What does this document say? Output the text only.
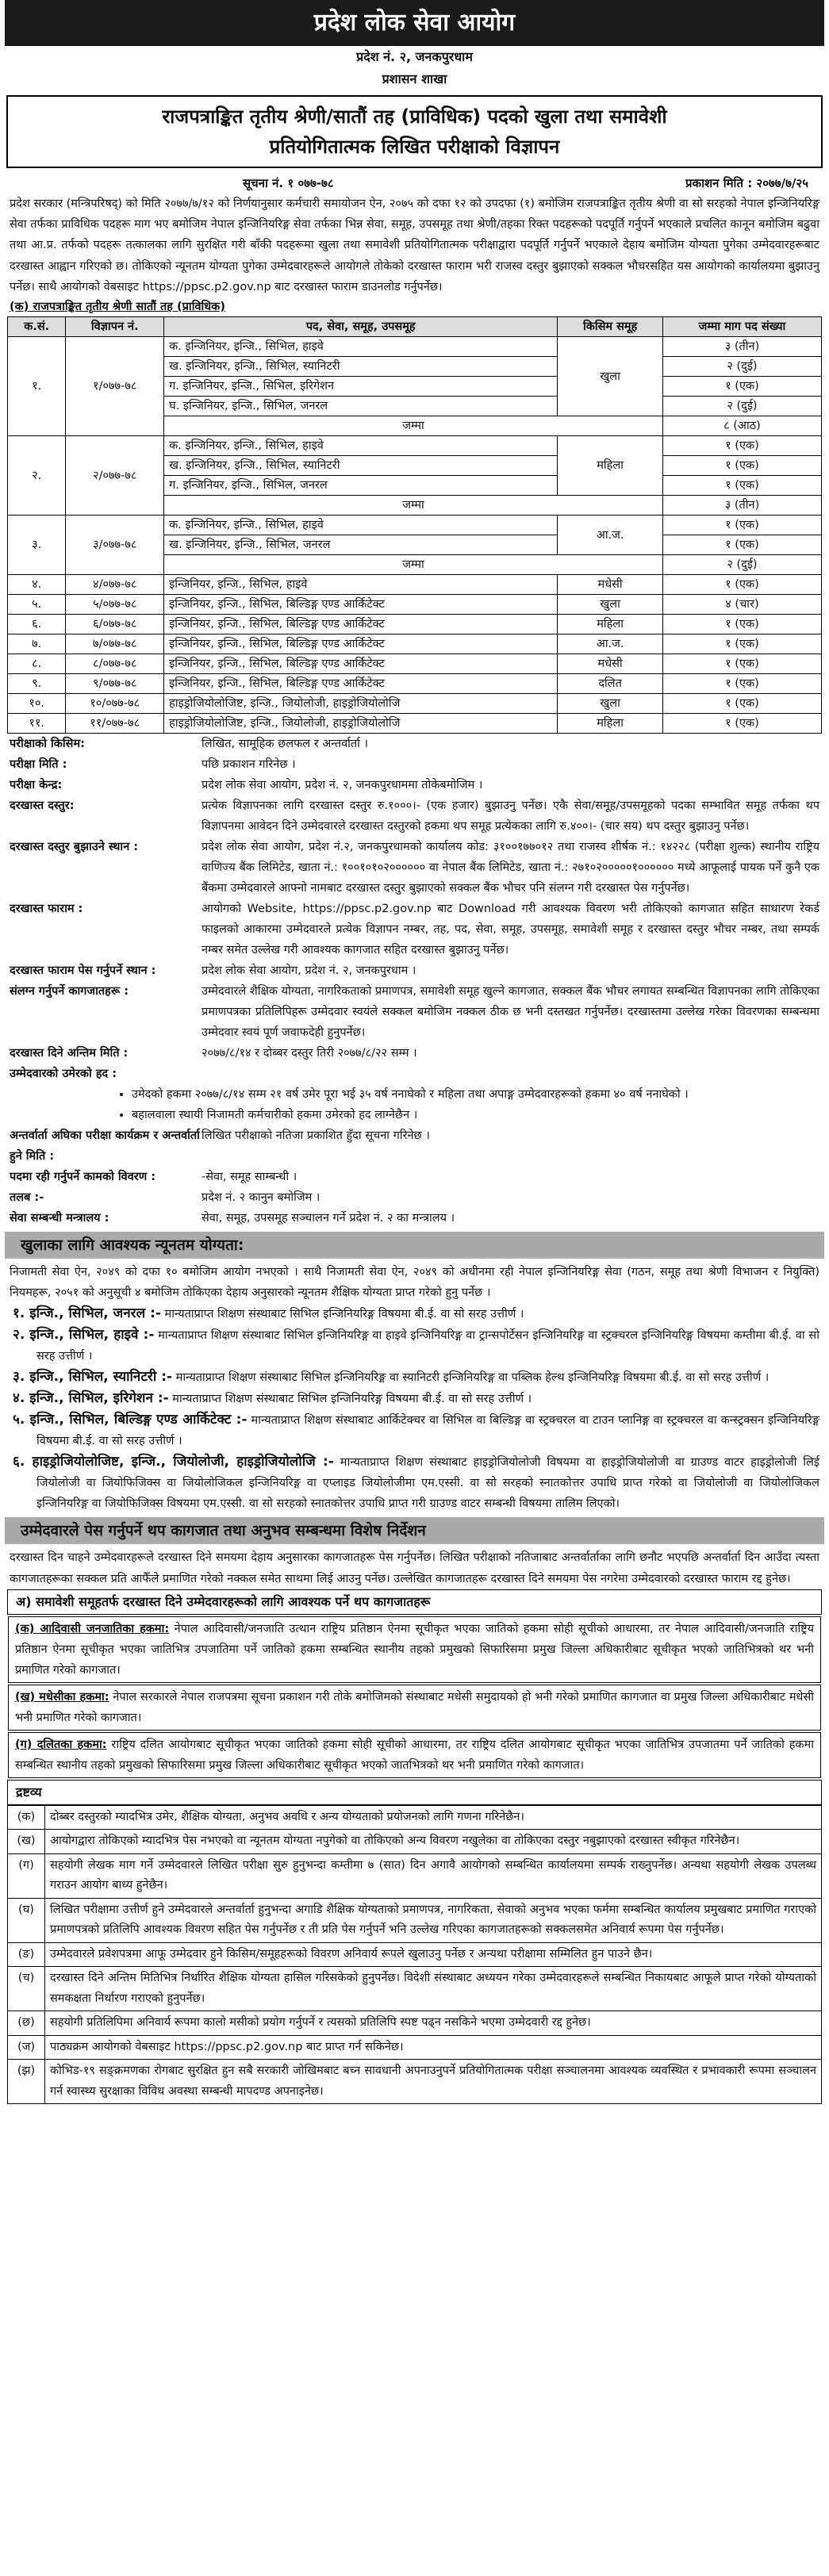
प्रदेश लोक सेवा आयोग
प्रदेश नं. २, जनकपुरधाम
प्रशासन शाखा
राजपत्राङ्कित तृतीय श्रेणी/सातौं तह (प्राविधिक) पदको खुला तथा समावेशी
प्रतियोगितात्मक लिखित परीक्षाको विज्ञापन
सूचना नं. १ ०७७-७८	प्रकाशन मिति : २०७७/७/२५

प्रदेश सरकार (मन्त्रिपरिषद्) को मिति २०७७/७/१२ को निर्णयानुसार कर्मचारी समायोजन ऐन, २०७५ को दफा १२ को उपदफा (१) बमोजिम राजपत्राङ्कित तृतीय श्रेणी वा सो सरहको नेपाल इन्जिनियरिङ्ग सेवा तर्फका प्राविधिक पदहरू माग भए बमोजिम नेपाल इन्जिनियरिङ्ग सेवा तर्फका भिन्न सेवा, समूह, उपसमूह तथा श्रेणी/तहका रिक्त पदहरूको पदपूर्ति गर्नुपर्ने भएकाले प्रचलित कानून बमोजिम बढुवा तथा आ.प्र. तर्फको पदहरू तत्कालका लागि सुरक्षित गरी बाँकी पदहरूमा खुला तथा समावेशी प्रतियोगितात्मक परीक्षाद्वारा पदपूर्ति गर्नुपर्ने भएकाले देहाय बमोजिम योग्यता पुगेका उम्मेदवारहरूबाट दरखास्त आह्वान गरिएको छ। तोकिएको न्यूनतम योग्यता पुगेका उम्मेदवारहरूले आयोगले तोकेको दरखास्त फाराम भरी राजस्व दस्तुर बुझाएको सक्कल भौचरसहित यस आयोगको कार्यालयमा बुझाउनु पर्नेछ। साथै आयोगको वेबसाइट https://ppsc.p2.gov.np बाट दरखास्त फाराम डाउनलोड गर्नुपर्नेछ।

(क) राजपत्राङ्कित तृतीय श्रेणी सातौं तह (प्राविधिक)
क.सं.	विज्ञापन नं.	पद, सेवा, समूह, उपसमूह	किसिम समूह	जम्मा माग पद संख्या
१.	१/०७७-७८	क. इन्जिनियर, इन्जि., सिभिल, हाइवे	खुला	३ (तीन)
		ख. इन्जिनियर, इन्जि., सिभिल, स्यानिटरी		२ (दुई)
		ग. इन्जिनियर, इन्जि., सिभिल, इरिगेशन		१ (एक)
		घ. इन्जिनियर, इन्जि., सिभिल, जनरल		२ (दुई)
		जम्मा		८ (आठ)
२.	२/०७७-७८	क. इन्जिनियर, इन्जि., सिभिल, हाइवे	महिला	१ (एक)
		ख. इन्जिनियर, इन्जि., सिभिल, स्यानिटरी		१ (एक)
		ग. इन्जिनियर, इन्जि., सिभिल, जनरल		१ (एक)
		जम्मा		३ (तीन)
३.	३/०७७-७८	क. इन्जिनियर, इन्जि., सिभिल, हाइवे	आ.ज.	१ (एक)
		ख. इन्जिनियर, इन्जि., सिभिल, जनरल		१ (एक)
		जम्मा		२ (दुई)
४.	४/०७७-७८	इन्जिनियर, इन्जि., सिभिल, हाइवे	मधेसी	१ (एक)
५.	५/०७७-७८	इन्जिनियर, इन्जि., सिभिल, बिल्डिङ्ग एण्ड आर्किटेक्ट	खुला	४ (चार)
६.	६/०७७-७८	इन्जिनियर, इन्जि., सिभिल, बिल्डिङ्ग एण्ड आर्किटेक्ट	महिला	१ (एक)
७.	७/०७७-७८	इन्जिनियर, इन्जि., सिभिल, बिल्डिङ्ग एण्ड आर्किटेक्ट	आ.ज.	१ (एक)
८.	८/०७७-७८	इन्जिनियर, इन्जि., सिभिल, बिल्डिङ्ग एण्ड आर्किटेक्ट	मधेसी	१ (एक)
९.	९/०७७-७८	इन्जिनियर, इन्जि., सिभिल, बिल्डिङ्ग एण्ड आर्किटेक्ट	दलित	१ (एक)
१०.	१०/०७७-७८	हाइड्रोजियोलोजिष्ट, इन्जि., जियोलोजी, हाइड्रोजियोलोजि	खुला	१ (एक)
११.	११/०७७-७८	हाइड्रोजियोलोजिष्ट, इन्जि., जियोलोजी, हाइड्रोजियोलोजि	महिला	१ (एक)
परीक्षाको किसिम:	लिखित, सामूहिक छलफल र अन्तर्वार्ता ।
परीक्षा मिति :	पछि प्रकाशन गरिनेछ ।
परीक्षा केन्द्र:	प्रदेश लोक सेवा आयोग, प्रदेश नं. २, जनकपुरधाममा तोकेबमोजिम ।
दरखास्त दस्तुर:	प्रत्येक विज्ञापनका लागि दरखास्त दस्तुर रु.१०००।- (एक हजार) बुझाउनु पर्नेछ। एकै सेवा/समूह/उपसमूहको पदका सम्भावित समूह तर्फका थप विज्ञापनमा आवेदन दिने उम्मेदवारले दरखास्त दस्तुरको हकमा थप समूह प्रत्येकका लागि रु.४००।- (चार सय) थप दस्तुर बुझाउनु पर्नेछ।
दरखास्त दस्तुर बुझाउने स्थान :	प्रदेश लोक सेवा आयोग, प्रदेश नं.२, जनकपुरधामको कार्यालय कोड: ३१००१७७०१२ तथा राजस्व शीर्षक नं.: १४२२८ (परीक्षा शुल्क) स्थानीय राष्ट्रिय वाणिज्य बैंक लिमिटेड, खाता नं.: १००१०१०२०००००० वा नेपाल बैंक लिमिटेड, खाता नं.: २७१०२०००००१०००००० मध्ये आफूलाई पायक पर्ने कुनै एक बैंकमा उम्मेदवारले आफ्नो नामबाट दरखास्त दस्तुर बुझाएको सक्कल बैंक भौचर पनि संलग्न गरी दरखास्त पेस गर्नुपर्नेछ।
दरखास्त फाराम :	आयोगको Website, https://ppsc.p2.gov.np बाट Download गरी आवश्यक विवरण भरी तोकिएको कागजात सहित साधारण रेकर्ड फाइलको आकारमा उम्मेदवारले प्रत्येक विज्ञापन नम्बर, तह, पद, सेवा, समूह, उपसमूह, समावेशी समूह र दरखास्त दस्तुर भौचर नम्बर, तथा सम्पर्क नम्बर समेत उल्लेख गरी आवश्यक कागजात सहित दरखास्त बुझाउनु पर्नेछ।
दरखास्त फाराम पेस गर्नुपर्ने स्थान :	प्रदेश लोक सेवा आयोग, प्रदेश नं. २, जनकपुरधाम ।
संलग्न गर्नुपर्ने कागजातहरू :	उम्मेदवारले शैक्षिक योग्यता, नागरिकताको प्रमाणपत्र, समावेशी समूह खुल्ने कागजात, सक्कल बैंक भौचर लगायत सम्बन्धित विज्ञापनका लागि तोकिएका प्रमाणपत्रका प्रतिलिपिहरू उम्मेदवार स्वयंले सक्कल बमोजिम नक्कल ठीक छ भनी दस्तखत गर्नुपर्नेछ। दरखास्तमा उल्लेख गरेका विवरणका सम्बन्धमा उम्मेदवार स्वयं पूर्ण जवाफदेही हुनुपर्नेछ।
दरखास्त दिने अन्तिम मिति :	२०७७/८/१४ र दोब्बर दस्तुर तिरी २०७७/८/२२ सम्म ।
उम्मेदवारको उमेरको हद :
• उमेदको हकमा २०७७/८/१४ सम्म २१ वर्ष उमेर पूरा भई ३५ वर्ष ननाघेको र महिला तथा अपाङ्ग उम्मेदवारहरूको हकमा ४० वर्ष ननाघेको ।
• बहालवाला स्थायी निजामती कर्मचारीको हकमा उमेरको हद लाग्नेछैन ।
अन्तर्वार्ता अघिका परीक्षा कार्यक्रम र अन्तर्वार्ता हुने मिति :
लिखित परीक्षाको नतिजा प्रकाशित हुँदा सूचना गरिनेछ ।
पदमा रही गर्नुपर्ने कामको विवरण :	-सेवा, समूह साम्बन्धी ।
तलब :-	प्रदेश नं. २ कानुन बमोजिम ।
सेवा सम्बन्धी मन्त्रालय :	सेवा, समूह, उपसमूह सञ्चालन गर्ने प्रदेश नं. २ का मन्त्रालय ।
खुलाका लागि आवश्यक न्यूनतम योग्यता:

निजामती सेवा ऐन, २०४९ को दफा १० बमोजिम आयोग नभएको । साथै निजामती सेवा ऐन, २०४९ को अधीनमा रही नेपाल इन्जिनियरिङ्ग सेवा (गठन, समूह तथा श्रेणी विभाजन र नियुक्ति) नियमहरू, २०५१ को अनुसूची ४ बमोजिम तोकिएका देहाय अनुसारको न्यूनतम शैक्षिक योग्यता प्राप्त गरेको हुनु पर्नेछ ।

१. इन्जि., सिभिल, जनरल :- मान्यताप्राप्त शिक्षण संस्थाबाट सिभिल इन्जिनियरिङ्ग विषयमा बी.ई. वा सो सरह उत्तीर्ण ।

२. इन्जि., सिभिल, हाइवे :- मान्यताप्राप्त शिक्षण संस्थाबाट सिभिल इन्जिनियरिङ्ग वा हाइवे इन्जिनियरिङ्ग वा ट्रान्सपोर्टेसन इन्जिनियरिङ्ग वा स्ट्रक्चरल इन्जिनियरिङ्ग विषयमा कम्तीमा बी.ई. वा सो सरह उत्तीर्ण ।

३. इन्जि., सिभिल, स्यानिटरी :- मान्यताप्राप्त शिक्षण संस्थाबाट सिभिल इन्जिनियरिङ्ग वा स्यानिटरी इन्जिनियरिङ्ग वा पब्लिक हेल्थ इन्जिनियरिङ्ग विषयमा बी.ई. वा सो सरह उत्तीर्ण ।

४. इन्जि., सिभिल, इरिगेशन :- मान्यताप्राप्त शिक्षण संस्थाबाट सिभिल इन्जिनियरिङ्ग विषयमा बी.ई. वा सो सरह उत्तीर्ण ।

५. इन्जि., सिभिल, बिल्डिङ्ग एण्ड आर्किटेक्ट :- मान्यताप्राप्त शिक्षण संस्थाबाट आर्किटेक्चर वा सिभिल वा बिल्डिङ्ग वा स्ट्रक्चरल वा टाउन प्लानिङ्ग वा स्ट्रक्चरल वा कन्स्ट्रक्सन इन्जिनियरिङ्ग विषयमा बी.ई. वा सो सरह उत्तीर्ण ।

६. हाइड्रोजियोलोजिष्ट, इन्जि., जियोलोजी, हाइड्रोजियोलोजि :- मान्यताप्राप्त शिक्षण संस्थाबाट हाइड्रोजियोलोजी विषयमा वा हाइड्रोजियोलोजी वा ग्राउण्ड वाटर हाइड्रोलोजी लिई जियोलोजी वा जियोफिजिक्स वा जियोलोजिकल इन्जिनियरिङ्ग वा एप्लाइड जियोलोजीमा एम.एस्सी. वा सो सरहको स्नातकोत्तर उपाधि प्राप्त गरेको वा जियोलोजी वा जियोलोजिकल इन्जिनियरिङ्ग वा जियोफिजिक्स विषयमा एम.एस्सी. वा सो सरहको स्नातकोत्तर उपाधि प्राप्त गरी ग्राउण्ड वाटर सम्बन्धी विषयमा तालिम लिएको।

उम्मेदवारले पेस गर्नुपर्ने थप कागजात तथा अनुभव सम्बन्धमा विशेष निर्देशन

दरखास्त दिन चाहने उम्मेदवारहरूले दरखास्त दिने समयमा देहाय अनुसारका कागजातहरू पेस गर्नुपर्नेछ। लिखित परीक्षाको नतिजाबाट अन्तर्वार्ताका लागि छनौट भएपछि अन्तर्वार्ता दिन आउँदा त्यस्ता कागजातहरूका सक्कल प्रति आफैँले प्रमाणित गरेको नक्कल समेत साथमा लिई आउनु पर्नेछ। उल्लेखित कागजातहरू दरखास्त दिने समयमा पेस नगरेमा उम्मेदवारको दरखास्त फाराम रद्द हुनेछ।

अ) समावेशी समूहतर्फ दरखास्त दिने उम्मेदवारहरूको लागि आवश्यक पर्ने थप कागजातहरू
(क) आदिवासी जनजातिका हकमा: नेपाल आदिवासी/जनजाति उत्थान राष्ट्रिय प्रतिष्ठान ऐनमा सूचीकृत भएका जातिको हकमा सोही सूचीको आधारमा, तर नेपाल आदिवासी/जनजाति राष्ट्रिय प्रतिष्ठान ऐनमा सूचीकृत भएका जातिभित्र उपजातिमा पर्ने जातिको हकमा सम्बन्धित स्थानीय तहको प्रमुखको सिफारिसमा प्रमुख जिल्ला अधिकारीबाट सूचीकृत भएको जातिभित्रको थर भनी प्रमाणित गरेको कागजात।
(ख) मधेसीका हकमा: नेपाल सरकारले नेपाल राजपत्रमा सूचना प्रकाशन गरी तोके बमोजिमको संस्थाबाट मधेसी समुदायको हो भनी गरेको प्रमाणित कागजात वा प्रमुख जिल्ला अधिकारीबाट मधेसी भनी प्रमाणित गरेको कागजात।
(ग) दलितका हकमा: राष्ट्रिय दलित आयोगबाट सूचीकृत भएका जातिको हकमा सोही सूचीको आधारमा, तर राष्ट्रिय दलित आयोगबाट सूचीकृत भएका जातिभित्र उपजातमा पर्ने जातिको हकमा सम्बन्धित स्थानीय तहको प्रमुखको सिफारिसमा प्रमुख जिल्ला अधिकारीबाट सूचीकृत भएको जातभित्रको थर भनी प्रमाणित गरेको कागजात।
द्रष्टव्य
(क)	दोब्बर दस्तुरको म्यादभित्र उमेर, शैक्षिक योग्यता, अनुभव अवधि र अन्य योग्यताको प्रयोजनको लागि गणना गरिनेछैन।
(ख)	आयोगद्वारा तोकिएको म्यादभित्र पेस नभएको वा न्यूनतम योग्यता नपुगेको वा तोकिएको अन्य विवरण नखुलेका वा तोकिएका दस्तुर नबुझाएको दरखास्त स्वीकृत गरिनेछैन।
(ग)	सहयोगी लेखक माग गर्ने उम्मेदवारले लिखित परीक्षा सुरु हुनुभन्दा कम्तीमा ७ (सात) दिन अगावै आयोगको सम्बन्धित कार्यालयमा सम्पर्क राख्नुपर्नेछ। अन्यथा सहयोगी लेखक उपलब्ध गराउन आयोग बाध्य हुनेछैन।
(घ)	लिखित परीक्षामा उत्तीर्ण हुने उम्मेदवारले अन्तर्वार्ता हुनुभन्दा अगाडि शैक्षिक योग्यताको प्रमाणपत्र, नागरिकता, सेवाको अनुभव भएका फर्ममा सम्बन्धित कार्यालय प्रमुखबाट प्रमाणित गराएको प्रमाणपत्रको प्रतिलिपि आवश्यक विवरण सहित पेस गर्नुपर्नेछ र ती प्रति पेस गर्नुपर्ने भनि उल्लेख गरिएका कागजातहरूको सक्कलसमेत अनिवार्य रूपमा पेस गर्नुपर्नेछ।
(ङ)	उम्मेदवारले प्रवेशपत्रमा आफू उम्मेदवार हुने किसिम/समूहहरूको विवरण अनिवार्य रूपले खुलाउनु पर्नेछ र अन्यथा परीक्षामा सम्मिलित हुन पाउने छैन।
(च)	दरखास्त दिने अन्तिम मितिभित्र निर्धारित शैक्षिक योग्यता हासिल गरिसकेको हुनुपर्नेछ। विदेशी संस्थाबाट अध्ययन गरेका उम्मेदवारहरूले सम्बन्धित निकायबाट आफूले प्राप्त गरेको योग्यताको समकक्षता निर्धारण गराएको हुनुपर्नेछ।
(छ)	सहयोगी प्रतिलिपिमा अनिवार्य रूपमा कालो मसीको प्रयोग गर्नुपर्ने र त्यसको प्रतिलिपि स्पष्ट पढ्न नसकिने भएमा उम्मेदवारी रद्द हुनेछ।
(ज)	पाठ्यक्रम आयोगको वेबसाइट https://ppsc.p2.gov.np बाट प्राप्त गर्न सकिनेछ।
(झ)	कोभिड-१९ सङ्क्रमणका रोगबाट सुरक्षित हुन सबै सरकारी जोखिमबाट बच्न सावधानी अपनाउनुपर्ने प्रतियोगितात्मक परीक्षा सञ्चालनमा आवश्यक व्यवस्थित र प्रभावकारी रूपमा सञ्चालन गर्न स्वास्थ्य सुरक्षाका विविध अवस्था सम्बन्धी मापदण्ड अपनाइनेछ।
